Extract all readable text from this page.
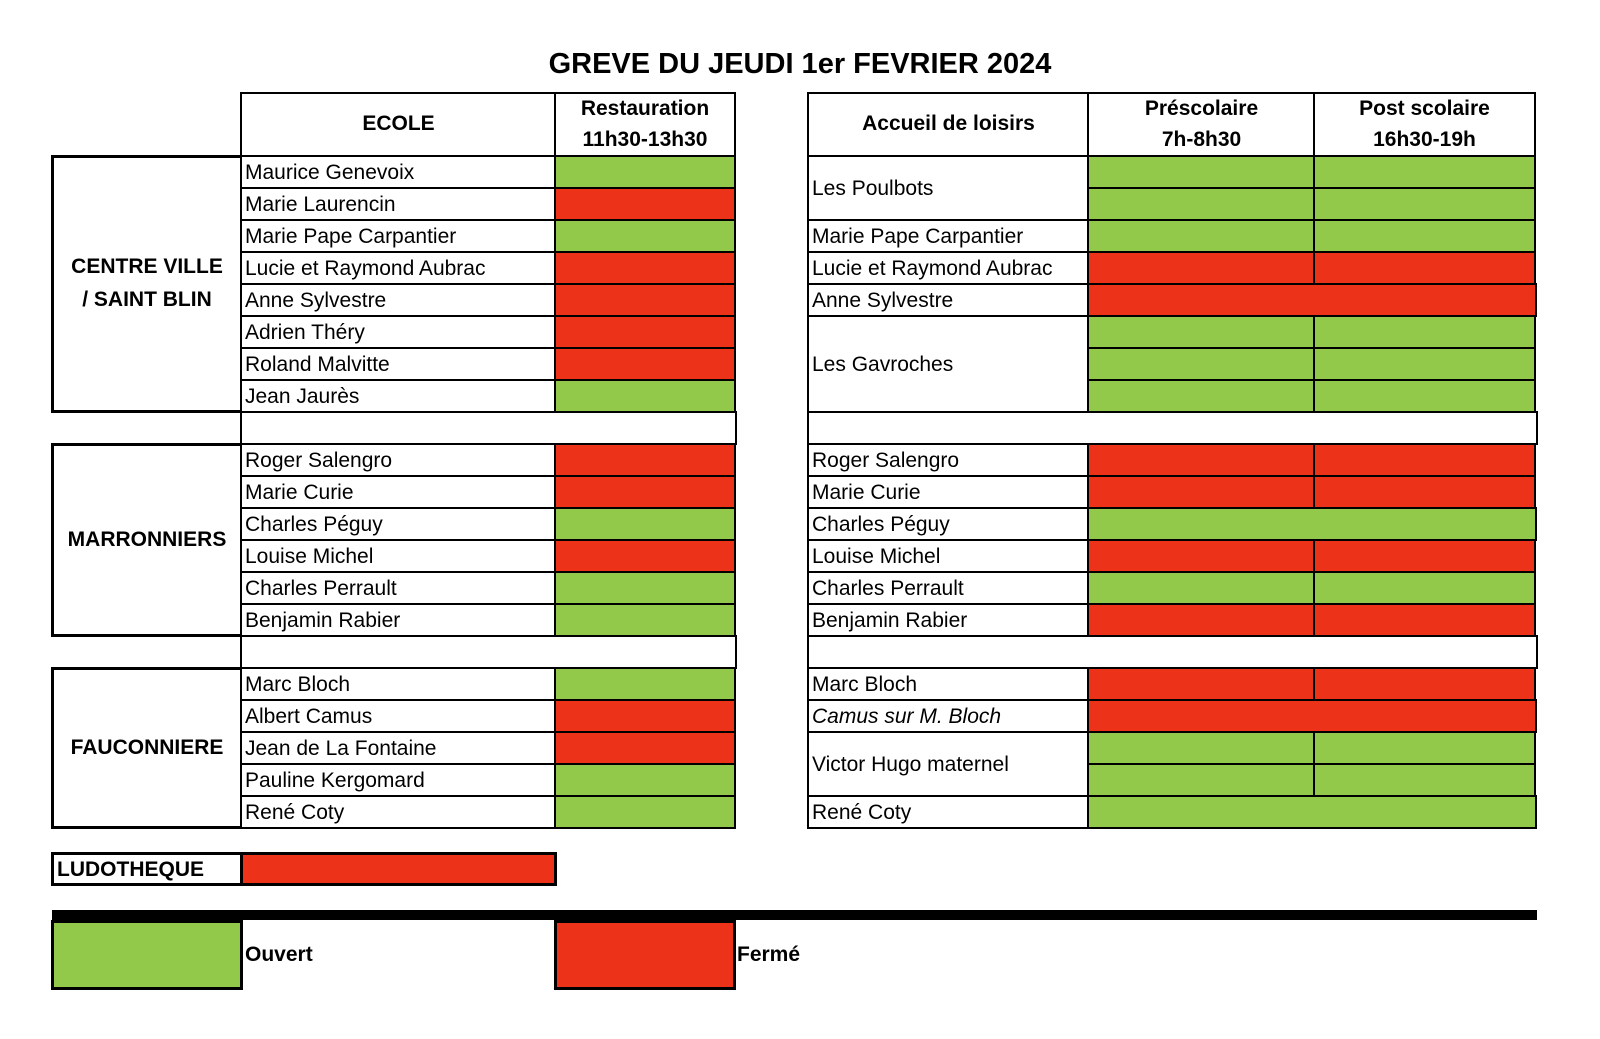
GREVE DU JEUDI 1er FEVRIER 2024
ECOLE
Restauration
11h30-13h30
CENTRE VILLE
/ SAINT BLIN
Maurice Genevoix
Marie Laurencin
Marie Pape Carpantier
Lucie et Raymond Aubrac
Anne Sylvestre
Adrien Théry
Roland Malvitte
Jean Jaurès
MARRONNIERS
Roger Salengro
Marie Curie
Charles Péguy
Louise Michel
Charles Perrault
Benjamin Rabier
FAUCONNIERE
Marc Bloch
Albert Camus
Jean de La Fontaine
Pauline Kergomard
René Coty
Accueil de loisirs
Préscolaire
7h-8h30
Post scolaire
16h30-19h
Les Poulbots
Marie Pape Carpantier
Lucie et Raymond Aubrac
Anne Sylvestre
Les Gavroches
Roger Salengro
Marie Curie
Charles Péguy
Louise Michel
Charles Perrault
Benjamin Rabier
Marc Bloch
Camus sur M. Bloch
Victor Hugo maternel
René Coty
LUDOTHEQUE
Ouvert	Fermé
